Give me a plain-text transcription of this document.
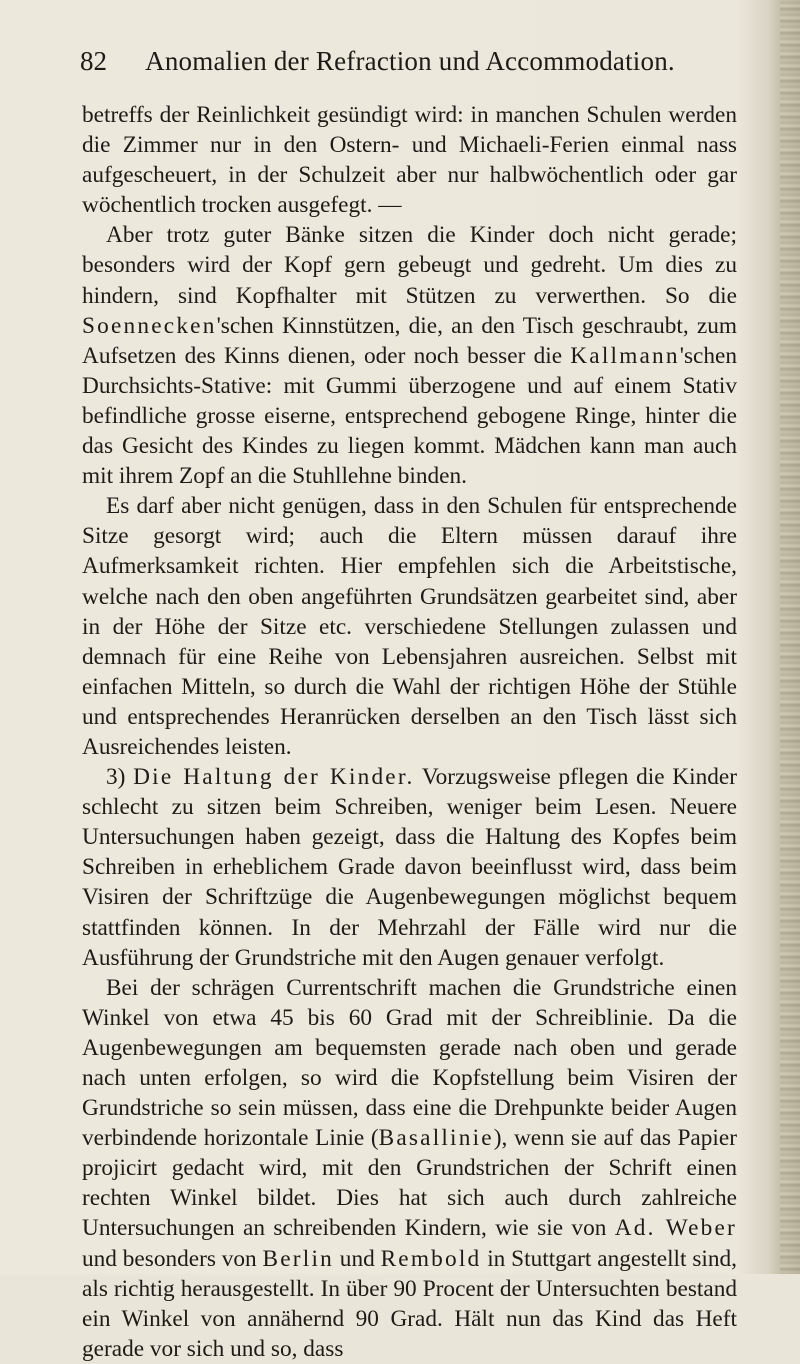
82	Anomalien der Refraction und Accommodation.

betreffs der Reinlichkeit gesündigt wird: in manchen Schulen werden die Zimmer nur in den Ostern- und Michaeli-Ferien einmal nass aufgescheuert, in der Schulzeit aber nur halbwöchentlich oder gar wöchentlich trocken ausgefegt. —

Aber trotz guter Bänke sitzen die Kinder doch nicht gerade; besonders wird der Kopf gern gebeugt und gedreht. Um dies zu hindern, sind Kopfhalter mit Stützen zu verwerthen. So die Soennecken'schen Kinnstützen, die, an den Tisch geschraubt, zum Aufsetzen des Kinns dienen, oder noch besser die Kallmann'schen Durchsichts-Stative: mit Gummi überzogene und auf einem Stativ befindliche grosse eiserne, entsprechend gebogene Ringe, hinter die das Gesicht des Kindes zu liegen kommt. Mädchen kann man auch mit ihrem Zopf an die Stuhllehne binden.

Es darf aber nicht genügen, dass in den Schulen für entsprechende Sitze gesorgt wird; auch die Eltern müssen darauf ihre Aufmerksamkeit richten. Hier empfehlen sich die Arbeitstische, welche nach den oben angeführten Grundsätzen gearbeitet sind, aber in der Höhe der Sitze etc. verschiedene Stellungen zulassen und demnach für eine Reihe von Lebensjahren ausreichen. Selbst mit einfachen Mitteln, so durch die Wahl der richtigen Höhe der Stühle und entsprechendes Heranrücken derselben an den Tisch lässt sich Ausreichendes leisten.

3) Die Haltung der Kinder. Vorzugsweise pflegen die Kinder schlecht zu sitzen beim Schreiben, weniger beim Lesen. Neuere Untersuchungen haben gezeigt, dass die Haltung des Kopfes beim Schreiben in erheblichem Grade davon beeinflusst wird, dass beim Visiren der Schriftzüge die Augenbewegungen möglichst bequem stattfinden können. In der Mehrzahl der Fälle wird nur die Ausführung der Grundstriche mit den Augen genauer verfolgt.

Bei der schrägen Currentschrift machen die Grundstriche einen Winkel von etwa 45 bis 60 Grad mit der Schreiblinie. Da die Augenbewegungen am bequemsten gerade nach oben und gerade nach unten erfolgen, so wird die Kopfstellung beim Visiren der Grundstriche so sein müssen, dass eine die Drehpunkte beider Augen verbindende horizontale Linie (Basallinie), wenn sie auf das Papier projicirt gedacht wird, mit den Grundstrichen der Schrift einen rechten Winkel bildet. Dies hat sich auch durch zahlreiche Untersuchungen an schreibenden Kindern, wie sie von Ad. Weber und besonders von Berlin und Rembold in Stuttgart angestellt sind, als richtig herausgestellt. In über 90 Procent der Untersuchten bestand ein Winkel von annähernd 90 Grad. Hält nun das Kind das Heft gerade vor sich und so, dass
